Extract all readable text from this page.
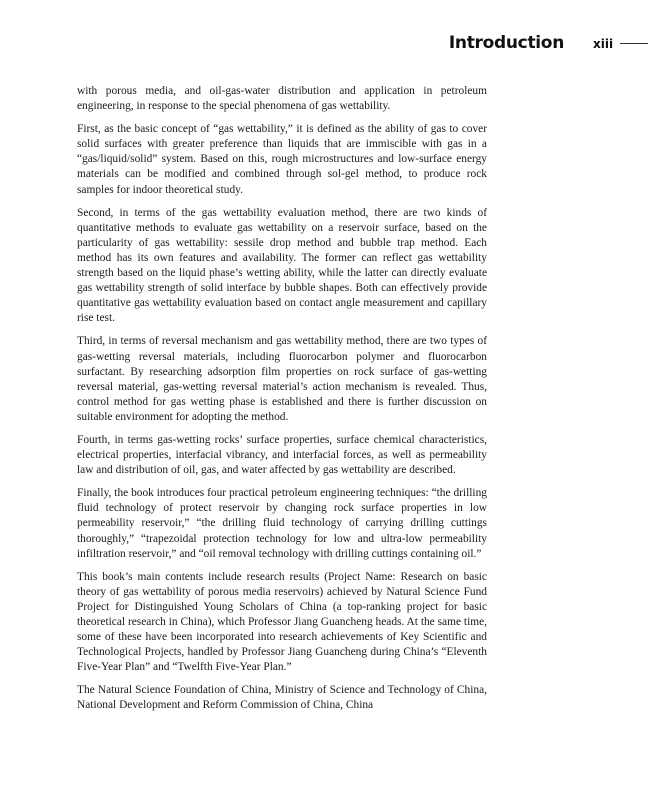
Introduction xiii

with porous media, and oil-gas-water distribution and application in petroleum engineering, in response to the special phenomena of gas wettability.

First, as the basic concept of “gas wettability,” it is defined as the ability of gas to cover solid surfaces with greater preference than liquids that are immiscible with gas in a “gas/liquid/solid” system. Based on this, rough microstructures and low-surface energy materials can be modified and combined through sol-gel method, to produce rock samples for indoor theoretical study.

Second, in terms of the gas wettability evaluation method, there are two kinds of quantitative methods to evaluate gas wettability on a reservoir surface, based on the particularity of gas wettability: sessile drop method and bubble trap method. Each method has its own features and availability. The former can reflect gas wettability strength based on the liquid phase’s wetting ability, while the latter can directly evaluate gas wettability strength of solid interface by bubble shapes. Both can effectively provide quantitative gas wettability evaluation based on contact angle measurement and capillary rise test.

Third, in terms of reversal mechanism and gas wettability method, there are two types of gas-wetting reversal materials, including fluorocarbon polymer and fluorocarbon surfactant. By researching adsorption film properties on rock surface of gas-wetting reversal material, gas-wetting reversal material’s action mechanism is revealed. Thus, control method for gas wetting phase is established and there is further discussion on suitable environment for adopting the method.

Fourth, in terms gas-wetting rocks’ surface properties, surface chemical characteristics, electrical properties, interfacial vibrancy, and interfacial forces, as well as permeability law and distribution of oil, gas, and water affected by gas wettability are described.

Finally, the book introduces four practical petroleum engineering techniques: “the drilling fluid technology of protect reservoir by changing rock surface properties in low permeability reservoir,” “the drilling fluid technology of carrying drilling cuttings thoroughly,” “trapezoidal protection technology for low and ultra-low permeability infiltration reservoir,” and “oil removal technology with drilling cuttings containing oil.”

This book’s main contents include research results (Project Name: Research on basic theory of gas wettability of porous media reservoirs) achieved by Natural Science Fund Project for Distinguished Young Scholars of China (a top-ranking project for basic theoretical research in China), which Professor Jiang Guancheng heads. At the same time, some of these have been incorporated into research achievements of Key Scientific and Technological Projects, handled by Professor Jiang Guancheng during China’s “Eleventh Five-Year Plan” and “Twelfth Five-Year Plan.”

The Natural Science Foundation of China, Ministry of Science and Technology of China, National Development and Reform Commission of China, China
